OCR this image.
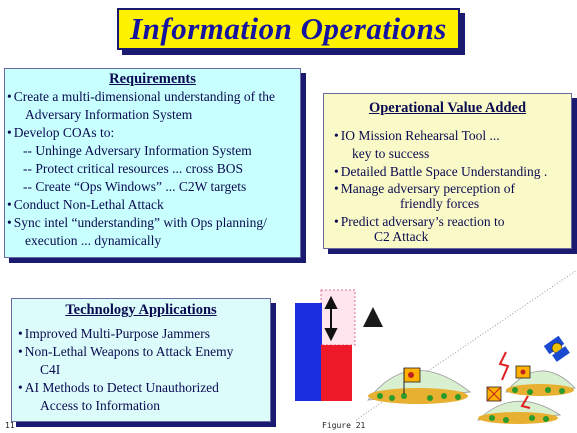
Information Operations
Requirements
• Create a multi-dimensional understanding of the
Adversary Information System
• Develop COAs to:
-- Unhinge Adversary Information System
-- Protect critical resources ... cross BOS
-- Create “Ops Windows” ... C2W targets
• Conduct Non-Lethal Attack
• Sync intel “understanding” with Ops planning/
execution ... dynamically
Operational Value Added
• IO Mission Rehearsal Tool ...
key to success
• Detailed Battle Space Understanding .
• Manage adversary perception of
friendly forces
• Predict adversary’s reaction to
C2 Attack
Technology Applications
• Improved Multi-Purpose Jammers
• Non-Lethal Weapons to Attack Enemy
C4I
• AI Methods to Detect Unauthorized
Access to Information
Figure 21
11
